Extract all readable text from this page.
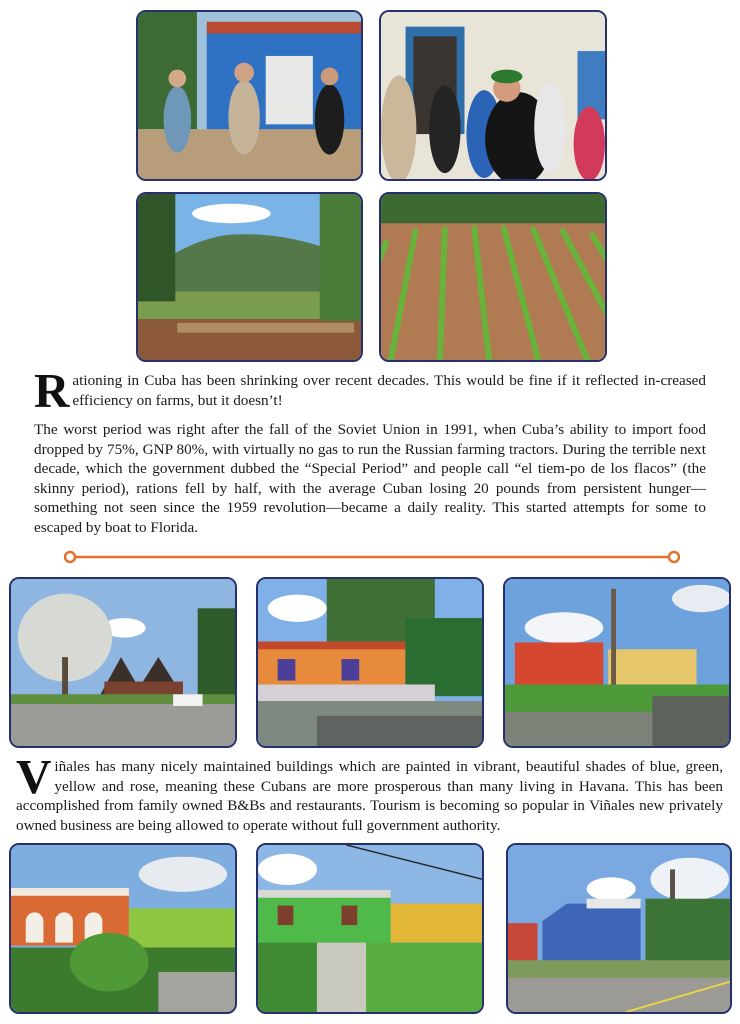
Rationing in Cuba has been shrinking over recent decades. This would be fine if it reflected in-creased efficiency on farms, but it doesn’t!
The worst period was right after the fall of the Soviet Union in 1991, when Cuba’s ability to import food dropped by 75%, GNP 80%, with virtually no gas to run the Russian farming tractors. During the terrible next decade, which the government dubbed the “Special Period” and people call “el tiem-po de los flacos” (the skinny period), rations fell by half, with the average Cuban losing 20 pounds from persistent hunger—something not seen since the 1959 revolution—became a daily reality. This started attempts for some to escaped by boat to Florida.
Viñales has many nicely maintained buildings which are painted in vibrant, beautiful shades of blue, green, yellow and rose, meaning these Cubans are more prosperous than many living in Havana. This has been accomplished from family owned B&Bs and restaurants. Tourism is becoming so popular in Viñales new privately owned business are being allowed to operate without full government authority.
